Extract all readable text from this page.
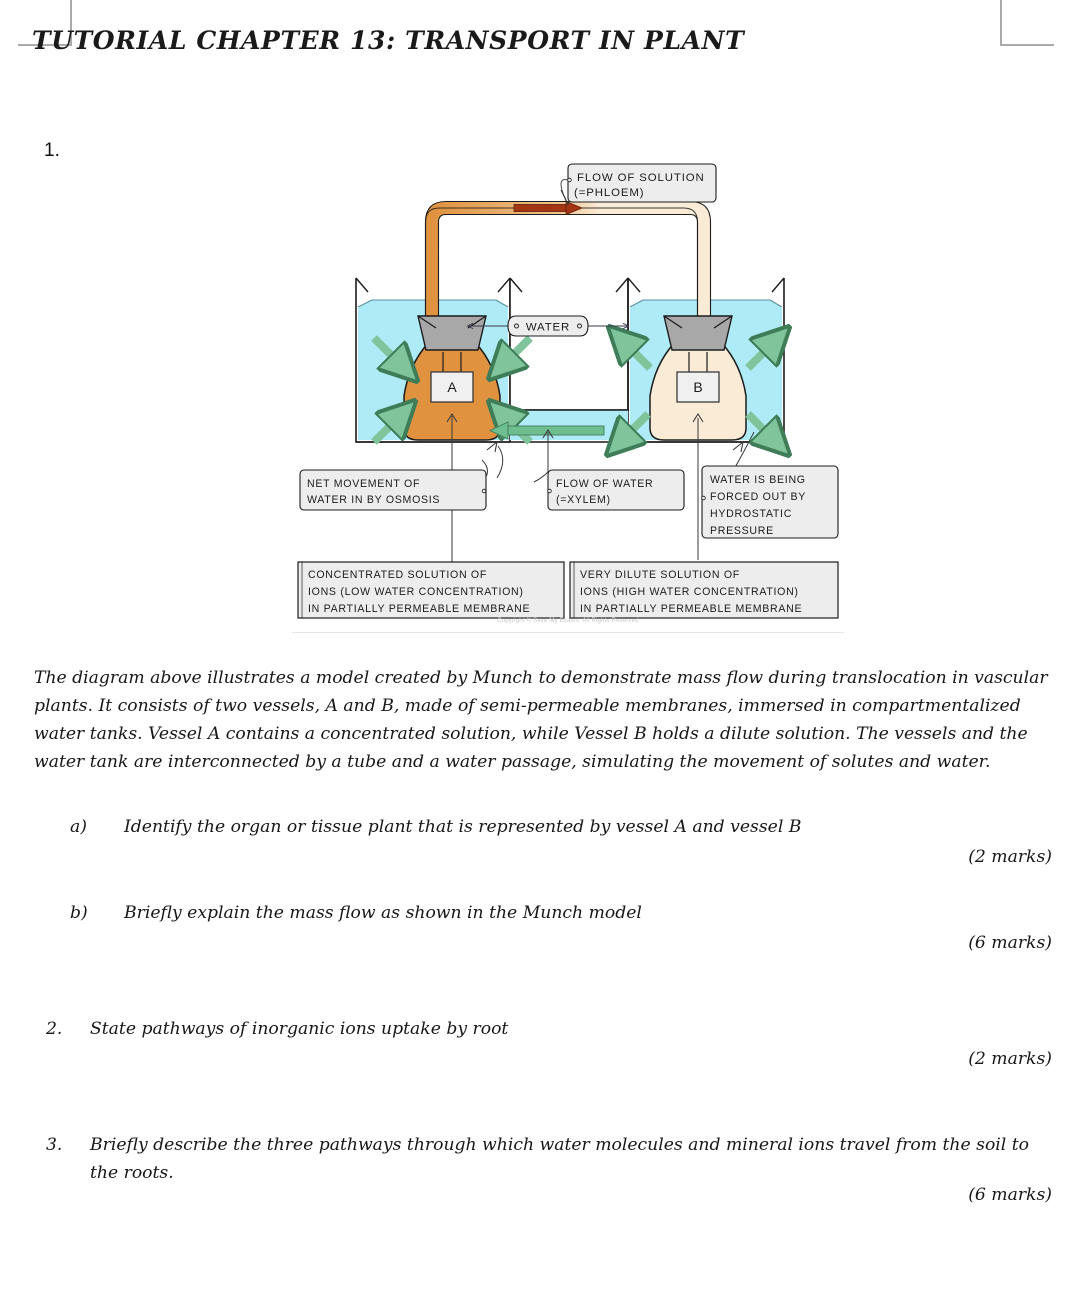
TUTORIAL CHAPTER 13: TRANSPORT IN PLANT
1.
A	B
WATER
FLOW OF SOLUTION
(=PHLOEM)
NET MOVEMENT OF
WATER IN BY OSMOSIS
FLOW OF WATER
(=XYLEM)
WATER IS BEING
FORCED OUT BY
HYDROSTATIC
PRESSURE
CONCENTRATED SOLUTION OF
IONS (LOW WATER CONCENTRATION)
IN PARTIALLY PERMEABLE MEMBRANE
VERY DILUTE SOLUTION OF
IONS (HIGH WATER CONCENTRATION)
IN PARTIALLY PERMEABLE MEMBRANE
Copyright © Save My Exams. All Rights Reserved
The diagram above illustrates a model created by Munch to demonstrate mass flow during translocation in vascular plants. It consists of two vessels, A and B, made of semi-permeable membranes, immersed in compartmentalized water tanks. Vessel A contains a concentrated solution, while Vessel B holds a dilute solution. The vessels and the water tank are interconnected by a tube and a water passage, simulating the movement of solutes and water.
a)	Identify the organ or tissue plant that is represented by vessel A and vessel B
(2 marks)
b)	Briefly explain the mass flow as shown in the Munch model
(6 marks)
2.	State pathways of inorganic ions uptake by root
(2 marks)
3.	Briefly describe the three pathways through which water molecules and mineral ions travel from the soil to the roots.
(6 marks)
